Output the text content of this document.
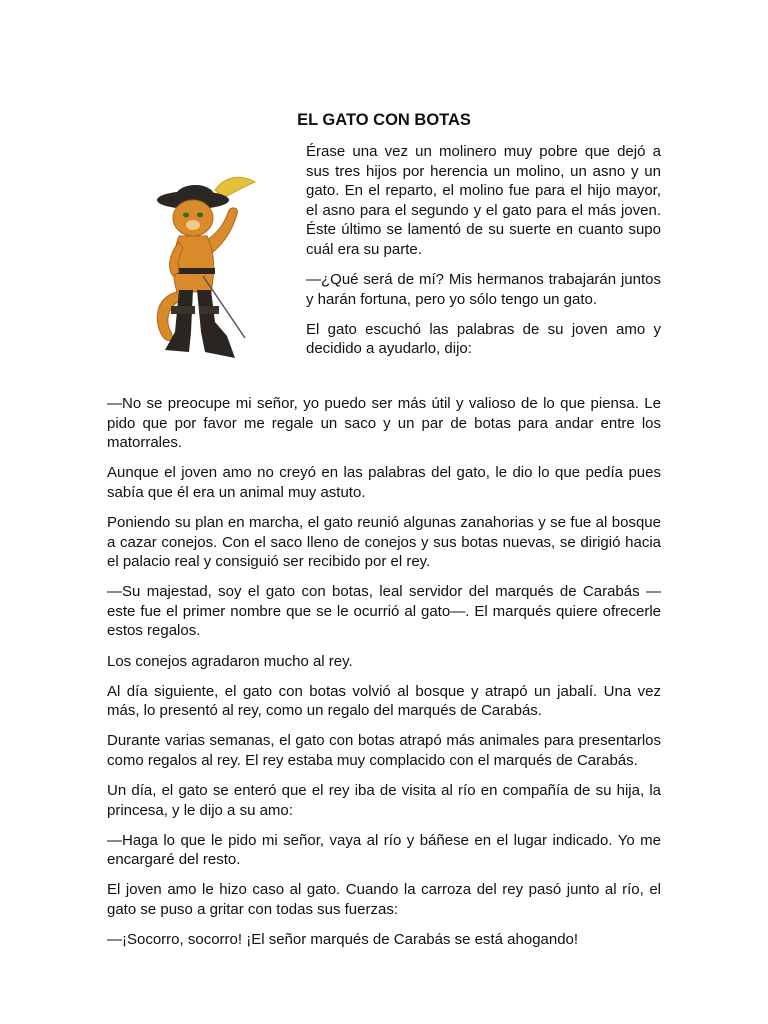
EL GATO CON BOTAS

Érase una vez un molinero muy pobre que dejó a sus tres hijos por herencia un molino, un asno y un gato. En el reparto, el molino fue para el hijo mayor, el asno para el segundo y el gato para el más joven. Éste último se lamentó de su suerte en cuanto supo cuál era su parte.

—¿Qué será de mí? Mis hermanos trabajarán juntos y harán fortuna, pero yo sólo tengo un gato.

El gato escuchó las palabras de su joven amo y decidido a ayudarlo, dijo:

—No se preocupe mi señor, yo puedo ser más útil y valioso de lo que piensa. Le pido que por favor me regale un saco y un par de botas para andar entre los matorrales.

Aunque el joven amo no creyó en las palabras del gato, le dio lo que pedía pues sabía que él era un animal muy astuto.

Poniendo su plan en marcha, el gato reunió algunas zanahorias y se fue al bosque a cazar conejos. Con el saco lleno de conejos y sus botas nuevas, se dirigió hacia el palacio real y consiguió ser recibido por el rey.

—Su majestad, soy el gato con botas, leal servidor del marqués de Carabás — este fue el primer nombre que se le ocurrió al gato—. El marqués quiere ofrecerle estos regalos.

Los conejos agradaron mucho al rey.

Al día siguiente, el gato con botas volvió al bosque y atrapó un jabalí. Una vez más, lo presentó al rey, como un regalo del marqués de Carabás.

Durante varias semanas, el gato con botas atrapó más animales para presentarlos como regalos al rey. El rey estaba muy complacido con el marqués de Carabás.

Un día, el gato se enteró que el rey iba de visita al río en compañía de su hija, la princesa, y le dijo a su amo:

—Haga lo que le pido mi señor, vaya al río y báñese en el lugar indicado. Yo me encargaré del resto.

El joven amo le hizo caso al gato. Cuando la carroza del rey pasó junto al río, el gato se puso a gritar con todas sus fuerzas:

—¡Socorro, socorro! ¡El señor marqués de Carabás se está ahogando!
